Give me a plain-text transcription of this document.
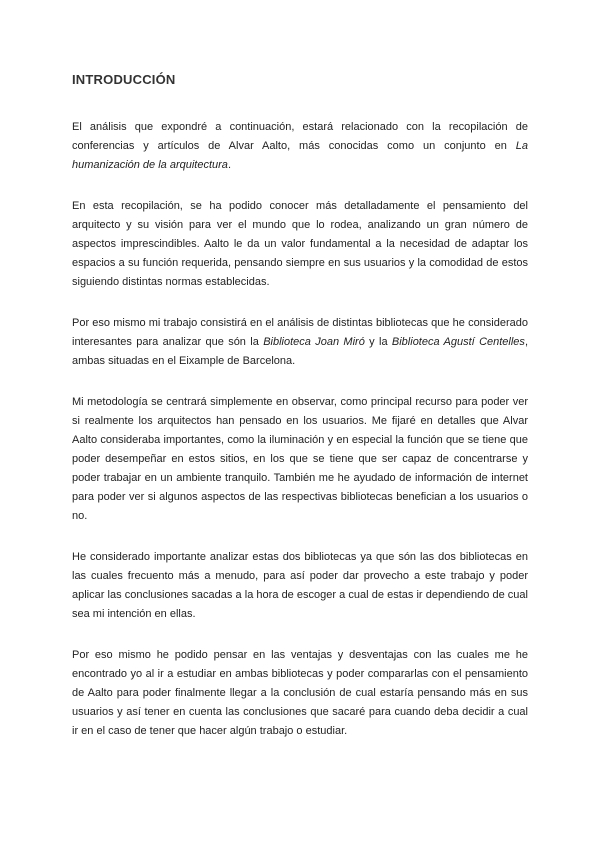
INTRODUCCIÓN

El análisis que expondré a continuación, estará relacionado con la recopilación de conferencias y artículos de Alvar Aalto, más conocidas como un conjunto en La humanización de la arquitectura.

En esta recopilación, se ha podido conocer más detalladamente el pensamiento del arquitecto y su visión para ver el mundo que lo rodea, analizando un gran número de aspectos imprescindibles. Aalto le da un valor fundamental a la necesidad de adaptar los espacios a su función requerida, pensando siempre en sus usuarios y la comodidad de estos siguiendo distintas normas establecidas.

Por eso mismo mi trabajo consistirá en el análisis de distintas bibliotecas que he considerado interesantes para analizar que són la Biblioteca Joan Miró y la Biblioteca Agustí Centelles, ambas situadas en el Eixample de Barcelona.

Mi metodología se centrará simplemente en observar, como principal recurso para poder ver si realmente los arquitectos han pensado en los usuarios. Me fijaré en detalles que Alvar Aalto consideraba importantes, como la iluminación y en especial la función que se tiene que poder desempeñar en estos sitios, en los que se tiene que ser capaz de concentrarse y poder trabajar en un ambiente tranquilo. También me he ayudado de información de internet para poder ver si algunos aspectos de las respectivas bibliotecas benefician a los usuarios o no.

He considerado importante analizar estas dos bibliotecas ya que són las dos bibliotecas en las cuales frecuento más a menudo, para así poder dar provecho a este trabajo y poder aplicar las conclusiones sacadas a la hora de escoger a cual de estas ir dependiendo de cual sea mi intención en ellas.

Por eso mismo he podido pensar en las ventajas y desventajas con las cuales me he encontrado yo al ir a estudiar en ambas bibliotecas y poder compararlas con el pensamiento de Aalto para poder finalmente llegar a la conclusión de cual estaría pensando más en sus usuarios y así tener en cuenta las conclusiones que sacaré para cuando deba decidir a cual ir en el caso de tener que hacer algún trabajo o estudiar.
